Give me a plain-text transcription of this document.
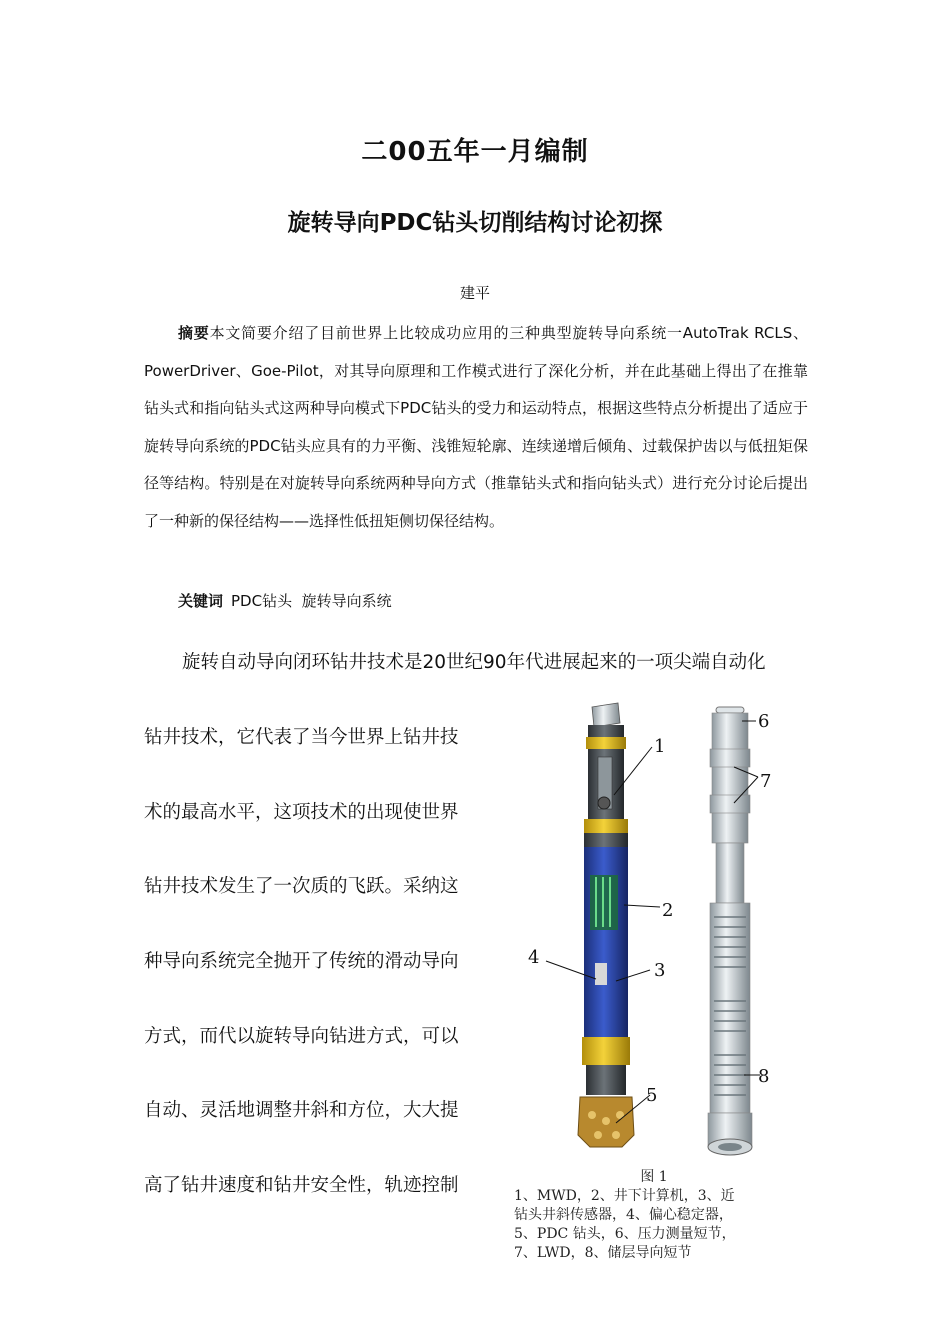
二00五年一月编制
旋转导向PDC钻头切削结构讨论初探
建平
摘要本文简要介绍了目前世界上比较成功应用的三种典型旋转导向系统一AutoTrak RCLS、PowerDriver、Goe-Pilot，对其导向原理和工作模式进行了深化分析，并在此基础上得出了在推靠钻头式和指向钻头式这两种导向模式下PDC钻头的受力和运动特点，根据这些特点分析提出了适应于旋转导向系统的PDC钻头应具有的力平衡、浅锥短轮廓、连续递增后倾角、过载保护齿以与低扭矩保径等结构。特别是在对旋转导向系统两种导向方式（推靠钻头式和指向钻头式）进行充分讨论后提出了一种新的保径结构——选择性低扭矩侧切保径结构。
关键词 PDC钻头  旋转导向系统
旋转自动导向闭环钻井技术是20世纪90年代进展起来的一项尖端自动化
钻井技术，它代表了当今世界上钻井技
术的最高水平，这项技术的出现使世界
钻井技术发生了一次质的飞跃。采纳这
种导向系统完全抛开了传统的滑动导向
方式，而代以旋转导向钻进方式，可以
自动、灵活地调整井斜和方位，大大提
高了钻井速度和钻井安全性，轨迹控制
1
2
3
4
5
6
7
8
图 1
1、MWD，2、井下计算机，3、近
钻头井斜传感器，4、偏心稳定器，
5、PDC 钻头，6、压力测量短节，
7、LWD，8、储层导向短节
